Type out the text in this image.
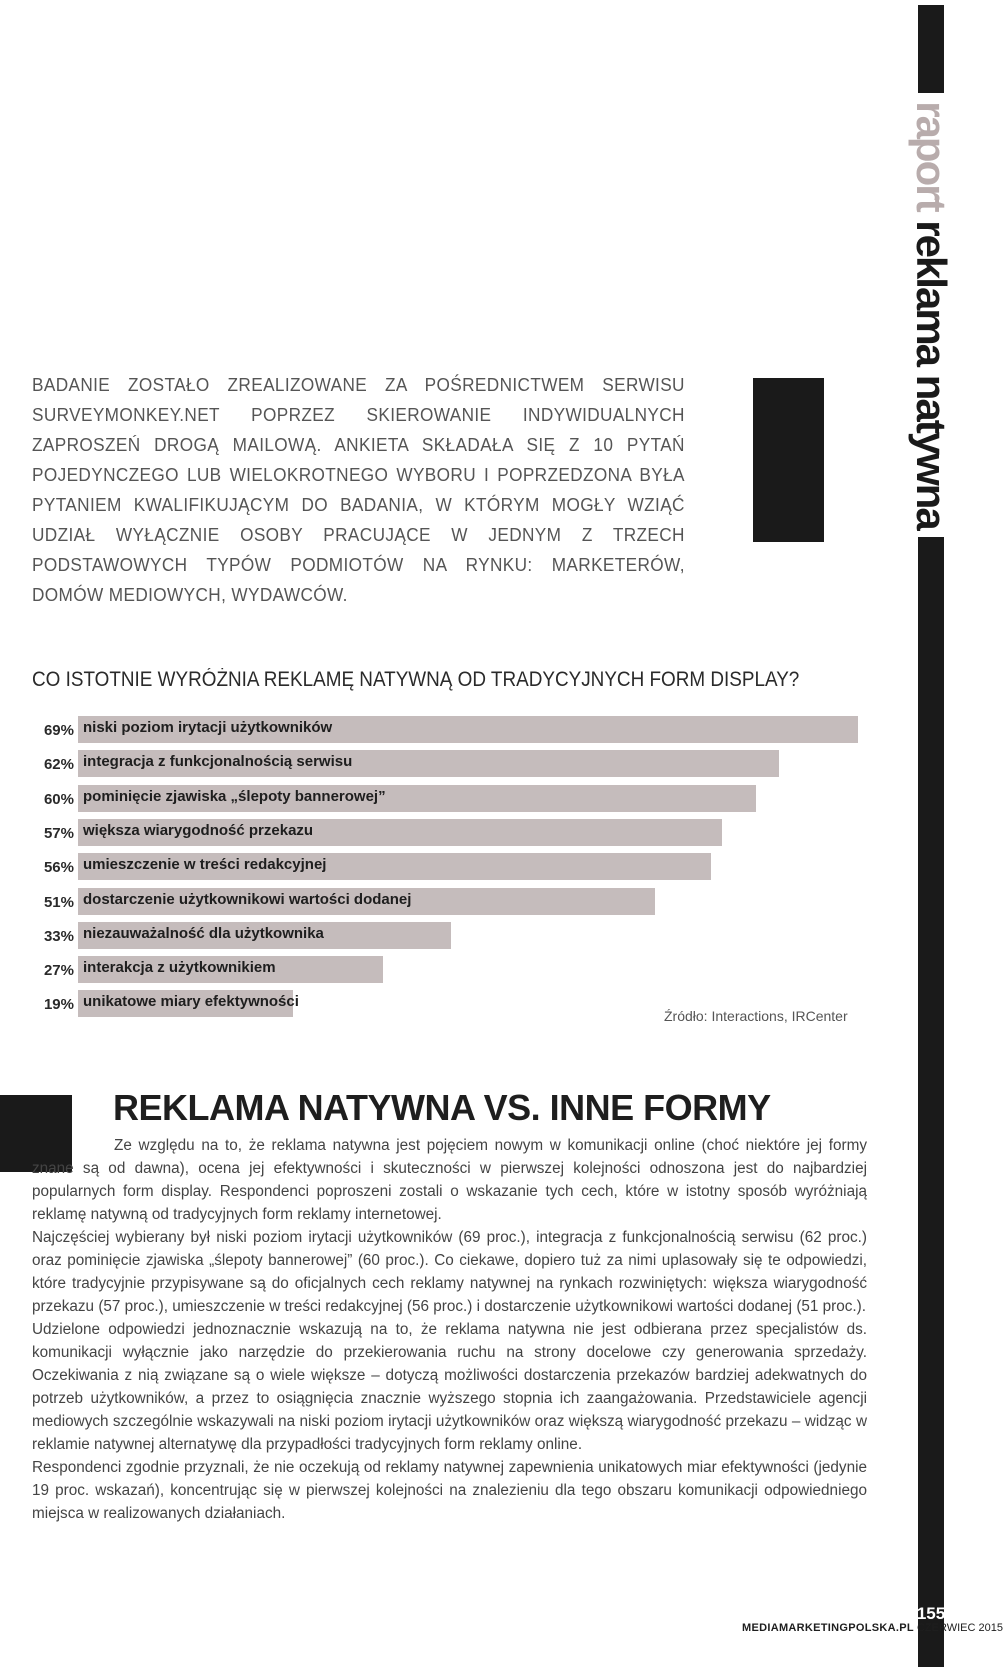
raport reklama natywna
BADANIE ZOSTAŁO ZREALIZOWANE ZA POŚREDNICTWEM SERWISU SURVEYMONKEY.NET POPRZEZ SKIEROWANIE INDYWIDUALNYCH ZAPROSZEŃ DROGĄ MAILOWĄ. ANKIETA SKŁADAŁA SIĘ Z 10 PYTAŃ POJEDYNCZEGO LUB WIELOKROTNEGO WYBORU I POPRZEDZONA BYŁA PYTANIEM KWALIFIKUJĄCYM DO BADANIA, W KTÓRYM MOGŁY WZIĄĆ UDZIAŁ WYŁĄCZNIE OSOBY PRACUJĄCE W JEDNYM Z TRZECH PODSTAWOWYCH TYPÓW PODMIOTÓW NA RYNKU: MARKETERÓW, DOMÓW MEDIOWYCH, WYDAWCÓW.
CO ISTOTNIE WYRÓŻNIA REKLAMĘ NATYWNĄ OD TRADYCYJNYCH FORM DISPLAY?
69% niski poziom irytacji użytkowników
62% integracja z funkcjonalnością serwisu
60% pominięcie zjawiska „ślepoty bannerowej”
57% większa wiarygodność przekazu
56% umieszczenie w treści redakcyjnej
51% dostarczenie użytkownikowi wartości dodanej
33% niezauważalność dla użytkownika
27% interakcja z użytkownikiem
19% unikatowe miary efektywności
Źródło: Interactions, IRCenter
REKLAMA NATYWNA VS. INNE FORMY

Ze względu na to, że reklama natywna jest pojęciem nowym w komunikacji online (choć niektóre jej formy znane są od dawna), ocena jej efektywności i skuteczności w pierwszej kolejności odnoszona jest do najbardziej popularnych form display. Respondenci poproszeni zostali o wskazanie tych cech, które w istotny sposób wyróżniają reklamę natywną od tradycyjnych form reklamy internetowej.

Najczęściej wybierany był niski poziom irytacji użytkowników (69 proc.), integracja z funkcjonalnością serwisu (62 proc.) oraz pominięcie zjawiska „ślepoty bannerowej” (60 proc.). Co ciekawe, dopiero tuż za nimi uplasowały się te odpowiedzi, które tradycyjnie przypisywane są do oficjalnych cech reklamy natywnej na rynkach rozwiniętych: większa wiarygodność przekazu (57 proc.), umieszczenie w treści redakcyjnej (56 proc.) i dostarczenie użytkownikowi wartości dodanej (51 proc.).

Udzielone odpowiedzi jednoznacznie wskazują na to, że reklama natywna nie jest odbierana przez specjalistów ds. komunikacji wyłącznie jako narzędzie do przekierowania ruchu na strony docelowe czy generowania sprzedaży. Oczekiwania z nią związane są o wiele większe – dotyczą możliwości dostarczenia przekazów bardziej adekwatnych do potrzeb użytkowników, a przez to osiągnięcia znacznie wyższego stopnia ich zaangażowania. Przedstawiciele agencji mediowych szczególnie wskazywali na niski poziom irytacji użytkowników oraz większą wiarygodność przekazu – widząc w reklamie natywnej alternatywę dla przypadłości tradycyjnych form reklamy online.

Respondenci zgodnie przyznali, że nie oczekują od reklamy natywnej zapewnienia unikatowych miar efektywności (jedynie 19 proc. wskazań), koncentrując się w pierwszej kolejności na znalezieniu dla tego obszaru komunikacji odpowiedniego miejsca w realizowanych działaniach.

MEDIAMARKETINGPOLSKA.PL CZERWIEC 2015
155
